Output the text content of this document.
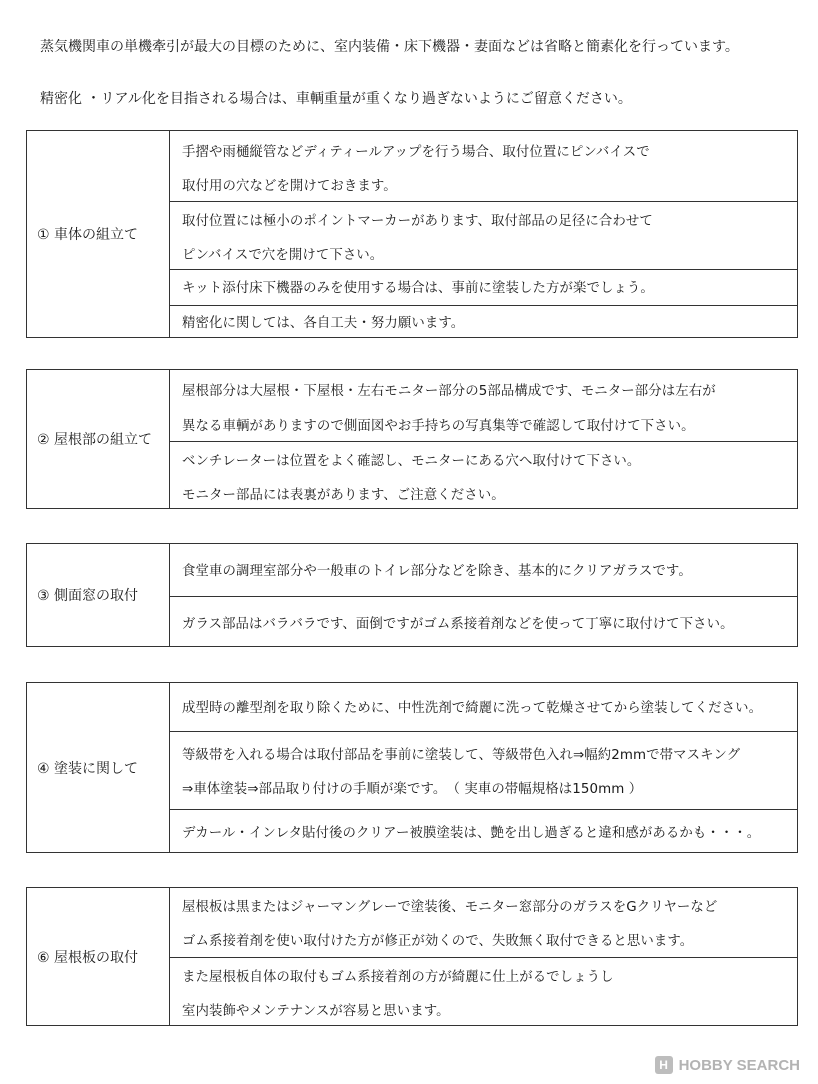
蒸気機関車の単機牽引が最大の目標のために、室内装備・床下機器・妻面などは省略と簡素化を行っています。
精密化 ・リアル化を目指される場合は、車輌重量が重くなり過ぎないようにご留意ください。
① 車体の組立て
手摺や雨樋縦管などディティールアップを行う場合、取付位置にピンバイスで
取付用の穴などを開けておきます。
取付位置には極小のポイントマーカーがあります、取付部品の足径に合わせて
ピンバイスで穴を開けて下さい。
キット添付床下機器のみを使用する場合は、事前に塗装した方が楽でしょう。
精密化に関しては、各自工夫・努力願います。
② 屋根部の組立て
屋根部分は大屋根・下屋根・左右モニター部分の5部品構成です、モニター部分は左右が
異なる車輌がありますので側面図やお手持ちの写真集等で確認して取付けて下さい。
ベンチレーターは位置をよく確認し、モニターにある穴へ取付けて下さい。
モニター部品には表裏があります、ご注意ください。
③ 側面窓の取付
食堂車の調理室部分や一般車のトイレ部分などを除き、基本的にクリアガラスです。
ガラス部品はバラバラです、面倒ですがゴム系接着剤などを使って丁寧に取付けて下さい。
④ 塗装に関して
成型時の離型剤を取り除くために、中性洗剤で綺麗に洗って乾燥させてから塗装してください。
等級帯を入れる場合は取付部品を事前に塗装して、等級帯色入れ⇒幅約2mmで帯マスキング
⇒車体塗装⇒部品取り付けの手順が楽です。　（ 実車の帯幅規格は150mm ）
デカール・インレタ貼付後のクリアー被膜塗装は、艶を出し過ぎると違和感があるかも・・・。
⑥ 屋根板の取付
屋根板は黒またはジャーマングレーで塗装後、モニター窓部分のガラスをGクリヤーなど
ゴム系接着剤を使い取付けた方が修正が効くので、失敗無く取付できると思います。
また屋根板自体の取付もゴム系接着剤の方が綺麗に仕上がるでしょうし
室内装飾やメンテナンスが容易と思います。
H HOBBY SEARCH
